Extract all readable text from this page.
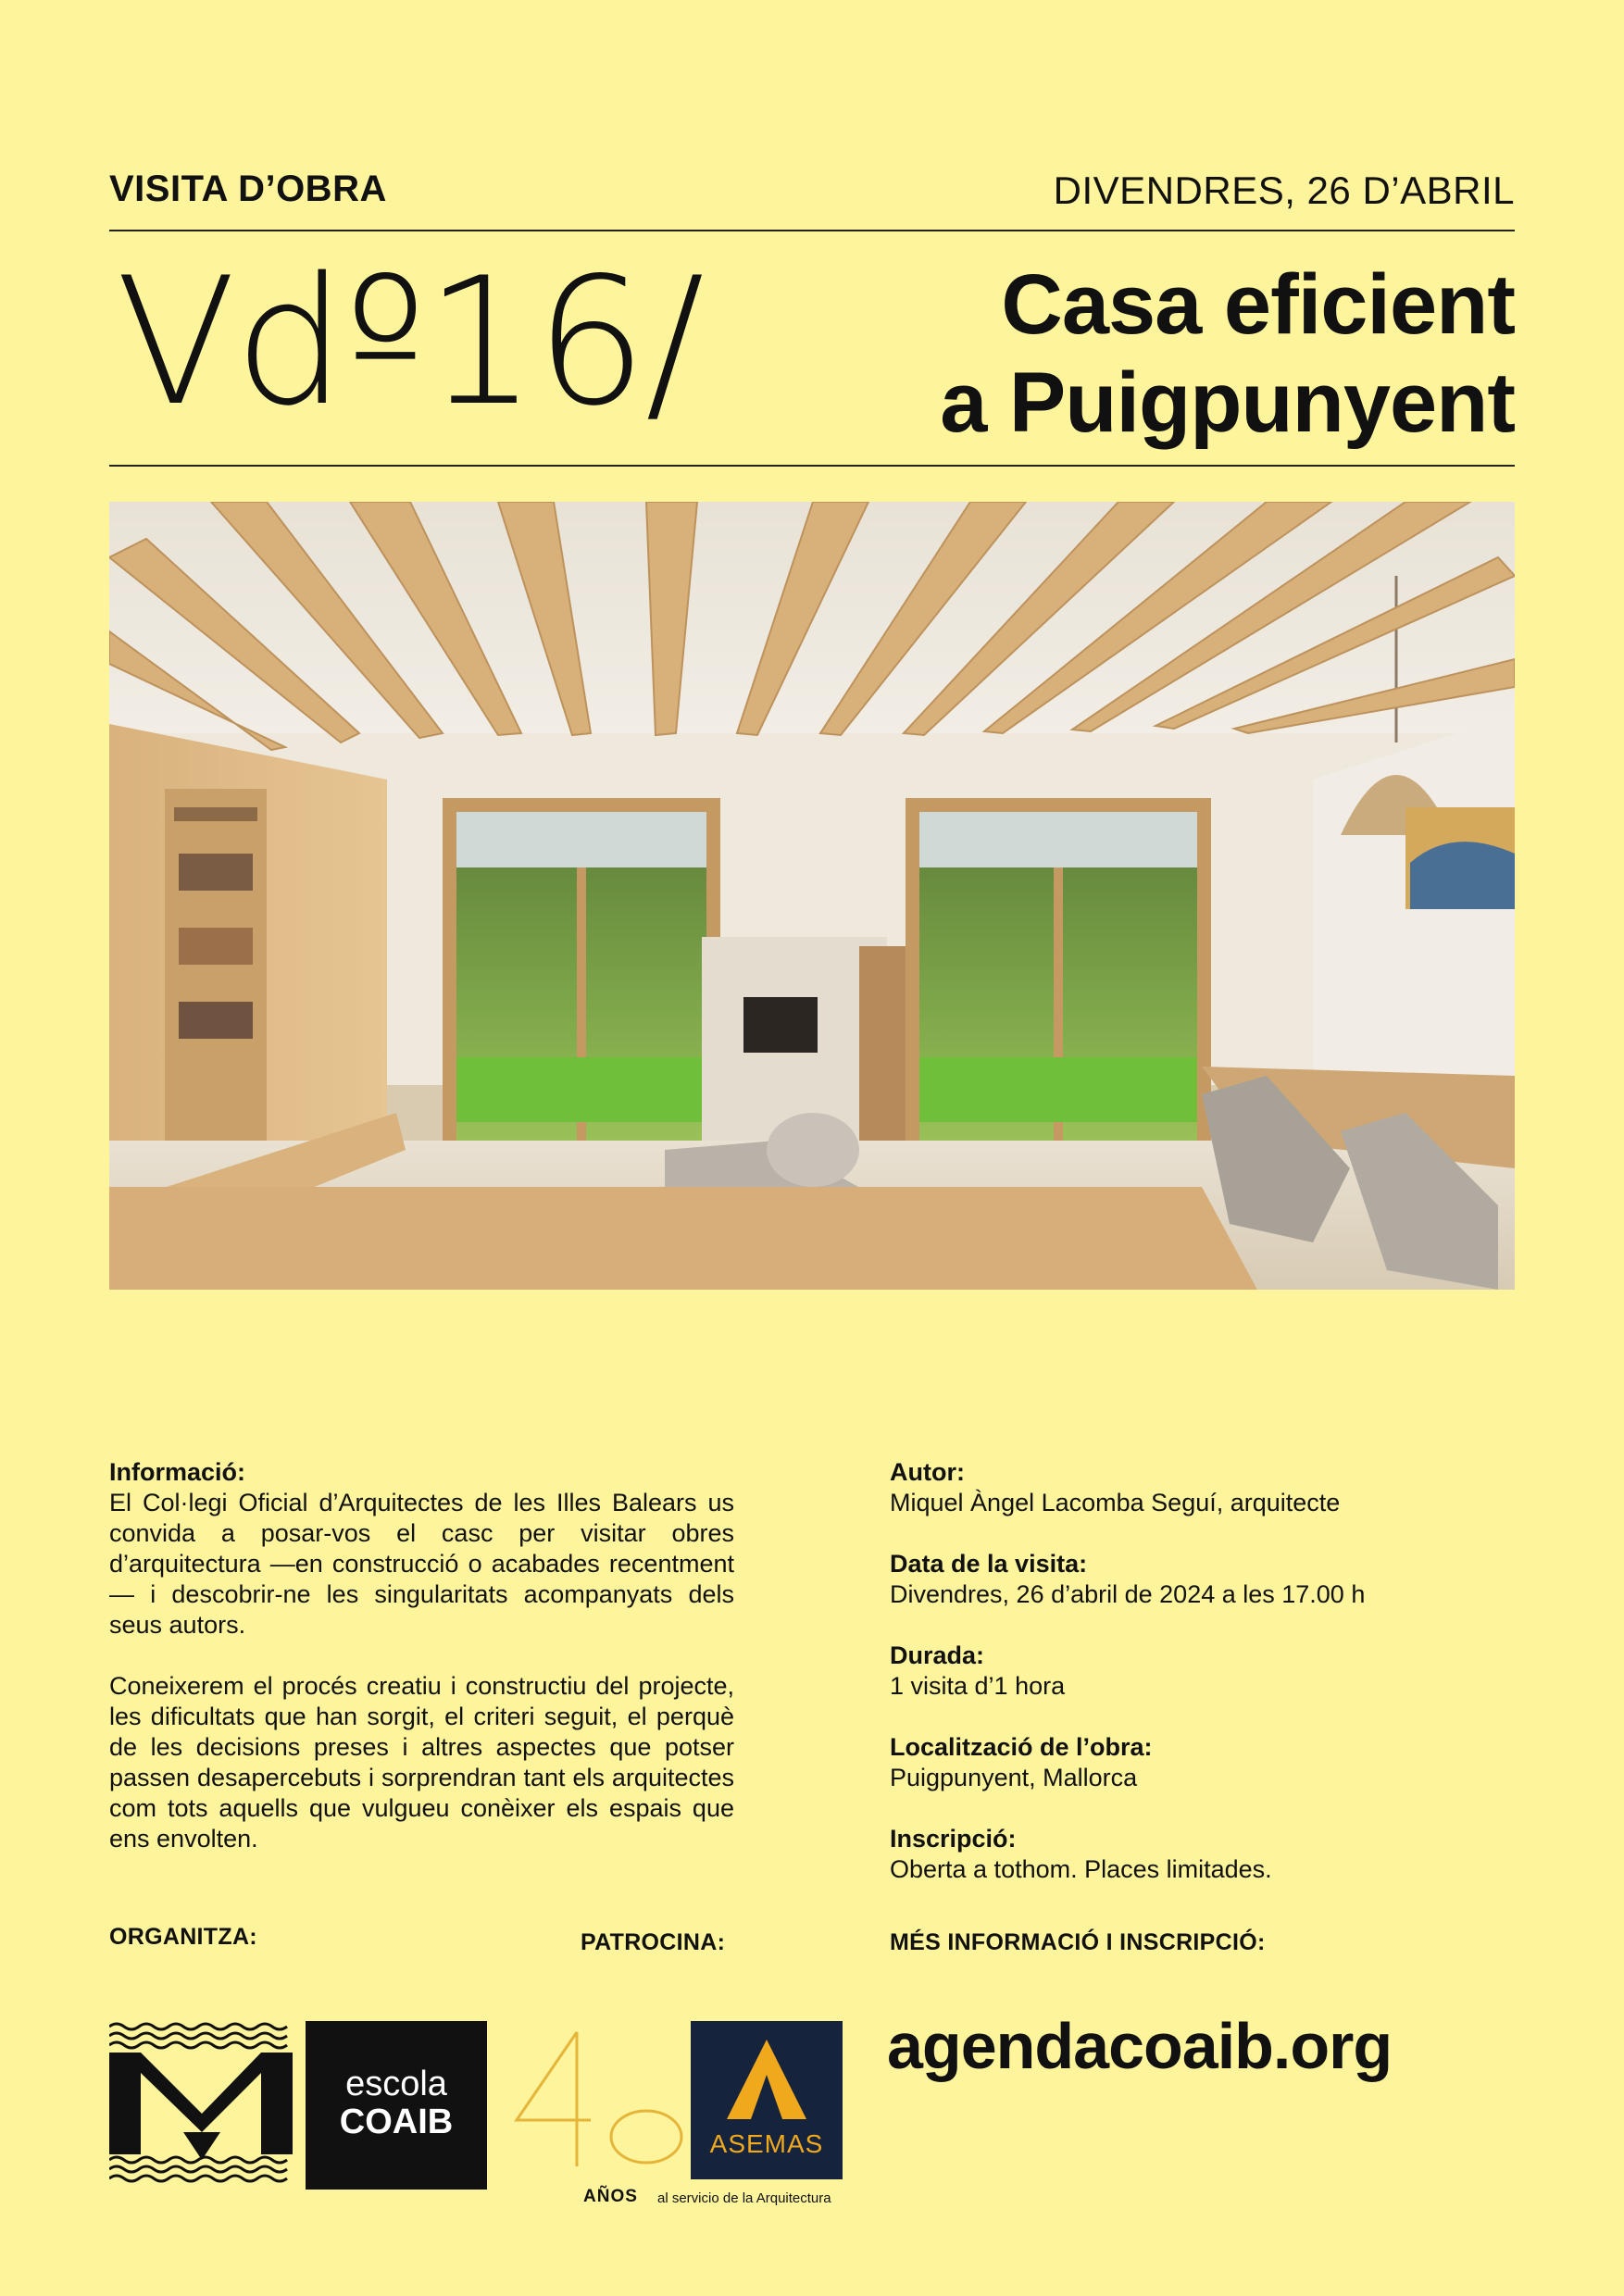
VISITA D’OBRA	DIVENDRES, 26 D’ABRIL
Vdº16/	Casa eficient
a Puigpunyent
Informació:
El Col·legi Oficial d’Arquitectes de les Illes Balears us convida a posar-vos el casc per visitar obres d’arquitectura —en construcció o acabades recentment— i descobrir-ne les singularitats acompanyats dels seus autors.
Coneixerem el procés creatiu i constructiu del projecte, les dificultats que han sorgit, el criteri seguit, el perquè de les decisions preses i altres aspectes que potser passen desapercebuts i sorprendran tant els arquitectes com tots aquells que vulgueu conèixer els espais que ens envolten.
Autor:
Miquel Àngel Lacomba Seguí, arquitecte
Data de la visita:
Divendres, 26 d’abril de 2024 a les 17.00 h
Durada:
1 visita d’1 hora
Localització de l’obra:
Puigpunyent, Mallorca
Inscripció:
Oberta a tothom. Places limitades.
ORGANITZA:	PATROCINA:	MÉS INFORMACIÓ I INSCRIPCIÓ:
escola
COAIB
AÑOS al servicio de la Arquitectura
ASEMAS
agendacoaib.org
